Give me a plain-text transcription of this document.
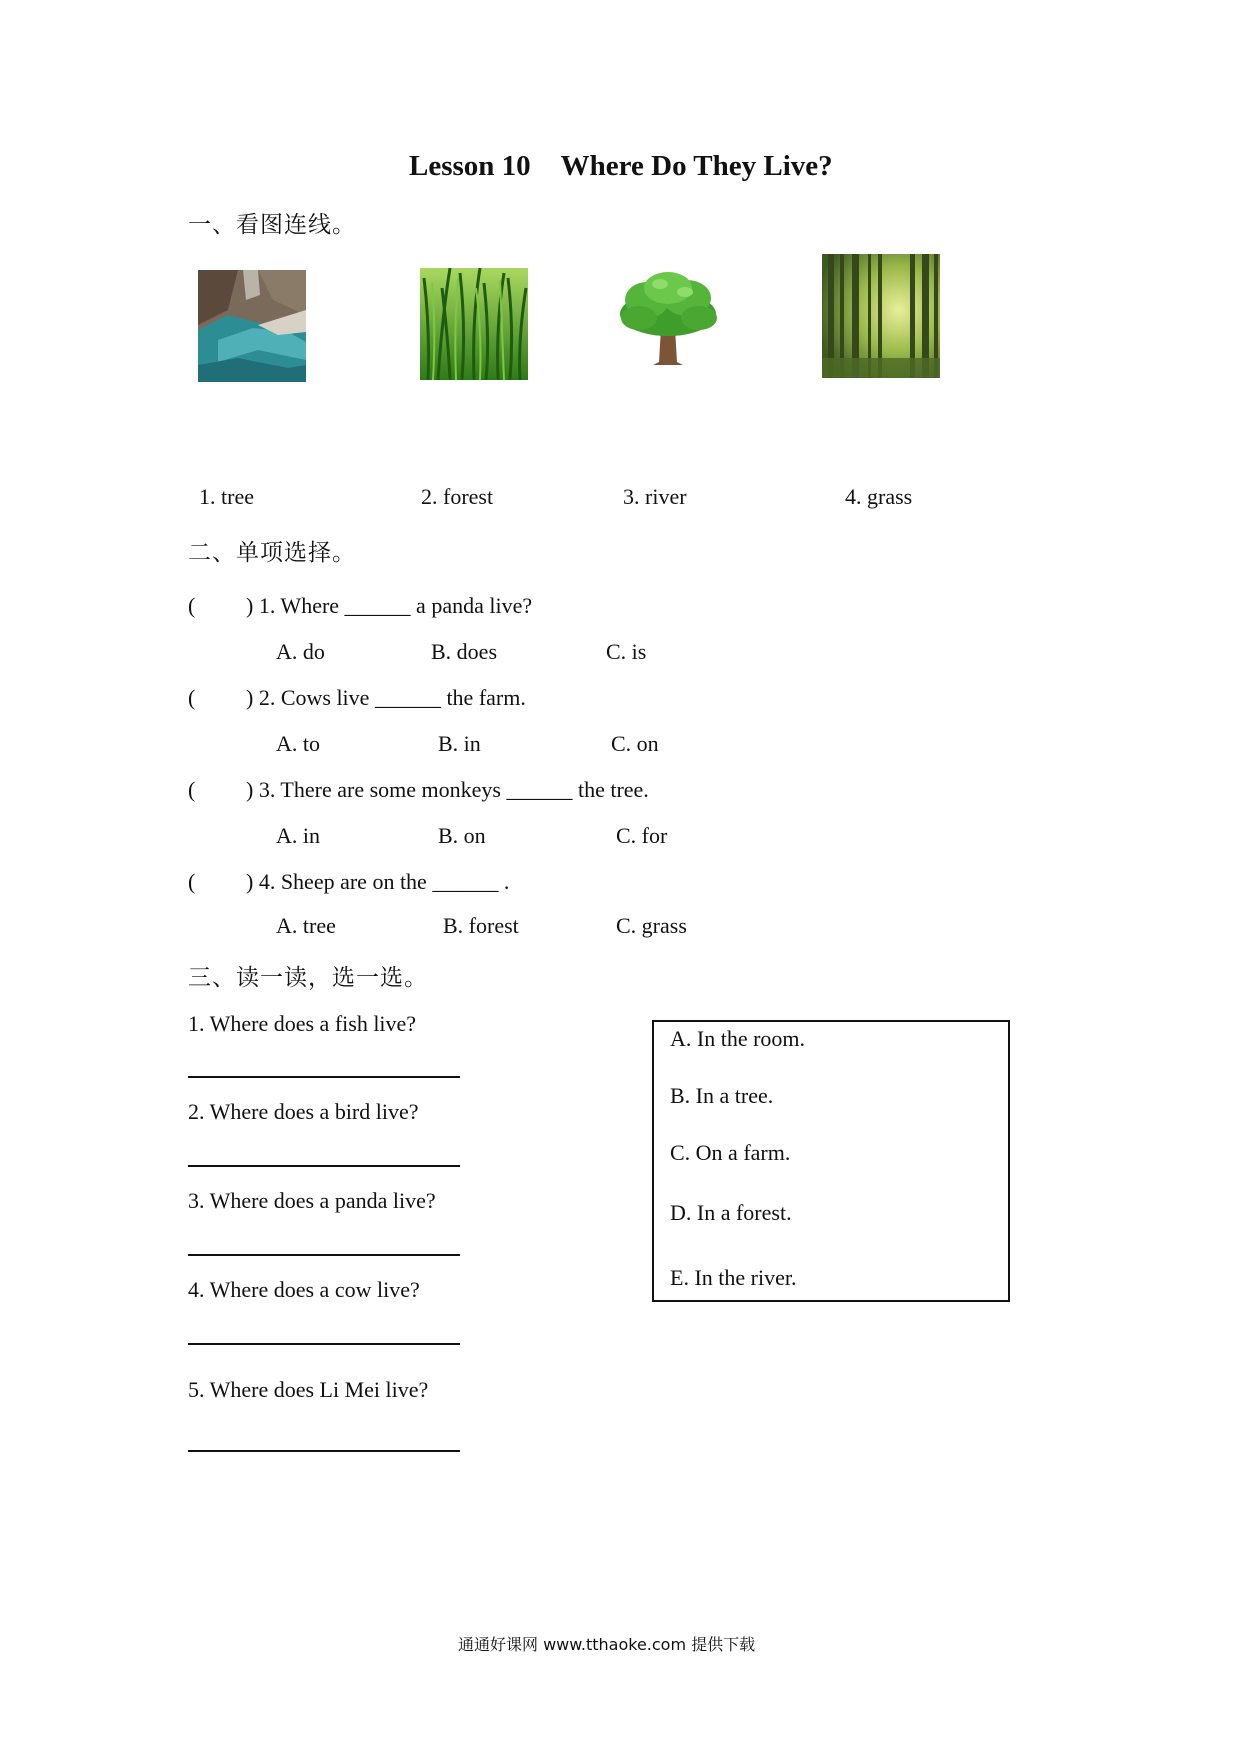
Lesson 10 Where Do They Live?
一、看图连线。
1. tree	2. forest	3. river	4. grass
二、单项选择。
( ) 1. Where ______ a panda live?
A. do	B. does	C. is
( ) 2. Cows live ______ the farm.
A. to	B. in	C. on
( ) 3. There are some monkeys ______ the tree.
A. in	B. on	C. for
( ) 4. Sheep are on the ______ .
A. tree	B. forest	C. grass
三、读一读，选一选。
1. Where does a fish live?
2. Where does a bird live?
3. Where does a panda live?
4. Where does a cow live?
5. Where does Li Mei live?
A. In the room.
B. In a tree.
C. On a farm.
D. In a forest.
E. In the river.
通通好课网 www.tthaoke.com 提供下载
